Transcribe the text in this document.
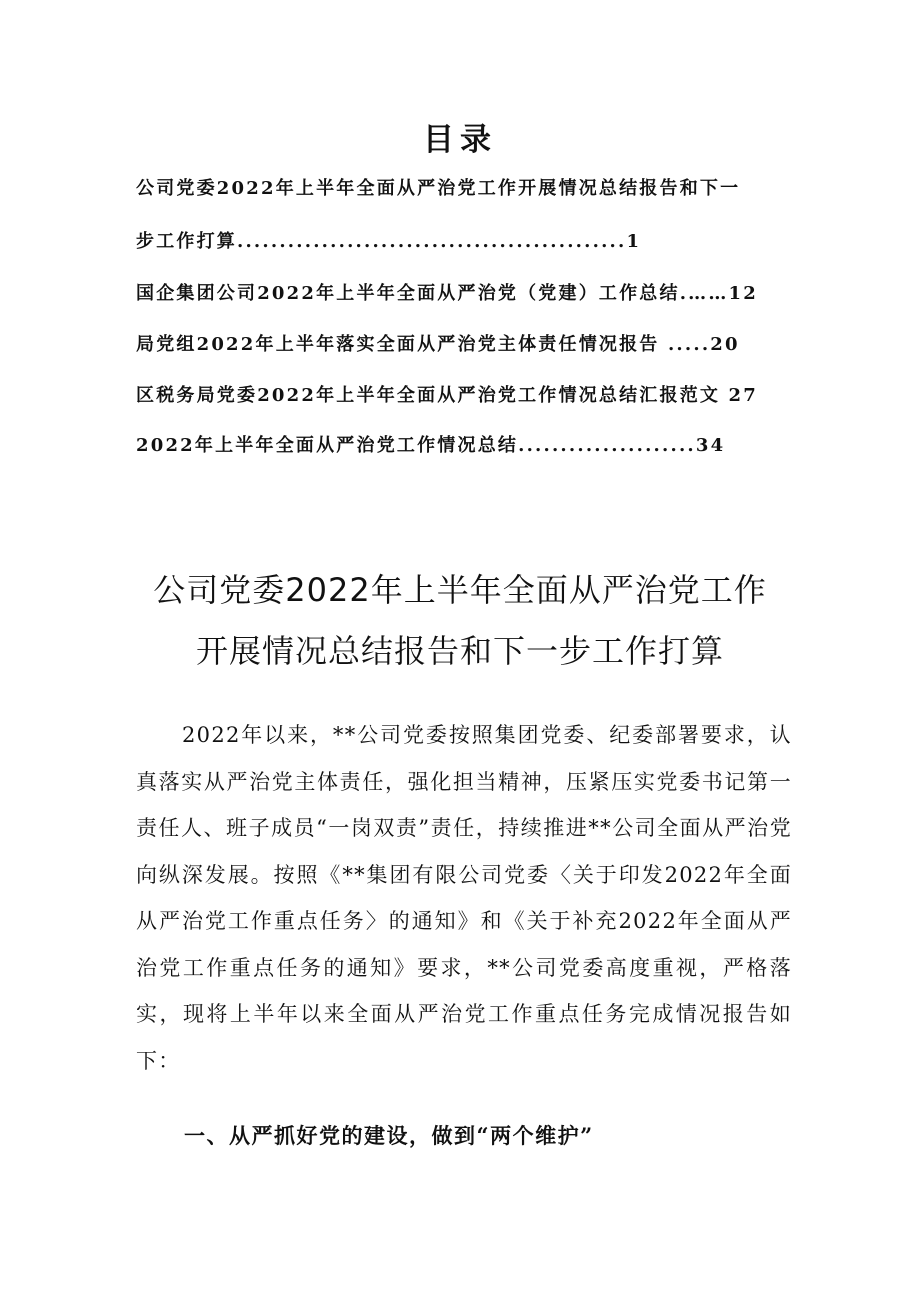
目录
公司党委2022年上半年全面从严治党工作开展情况总结报告和下一
步工作打算..............................................1
国企集团公司2022年上半年全面从严治党（党建）工作总结.……12
局党组2022年上半年落实全面从严治党主体责任情况报告 .....20
区税务局党委2022年上半年全面从严治党工作情况总结汇报范文 27
2022年上半年全面从严治党工作情况总结.....................34
公司党委2022年上半年全面从严治党工作
开展情况总结报告和下一步工作打算

2022年以来，**公司党委按照集团党委、纪委部署要求，认真落实从严治党主体责任，强化担当精神，压紧压实党委书记第一责任人、班子成员“一岗双责”责任，持续推进**公司全面从严治党向纵深发展。按照《**集团有限公司党委〈关于印发2022年全面从严治党工作重点任务〉的通知》和《关于补充2022年全面从严治党工作重点任务的通知》要求，**公司党委高度重视，严格落实，现将上半年以来全面从严治党工作重点任务完成情况报告如下：

一、从严抓好党的建设，做到“两个维护”
